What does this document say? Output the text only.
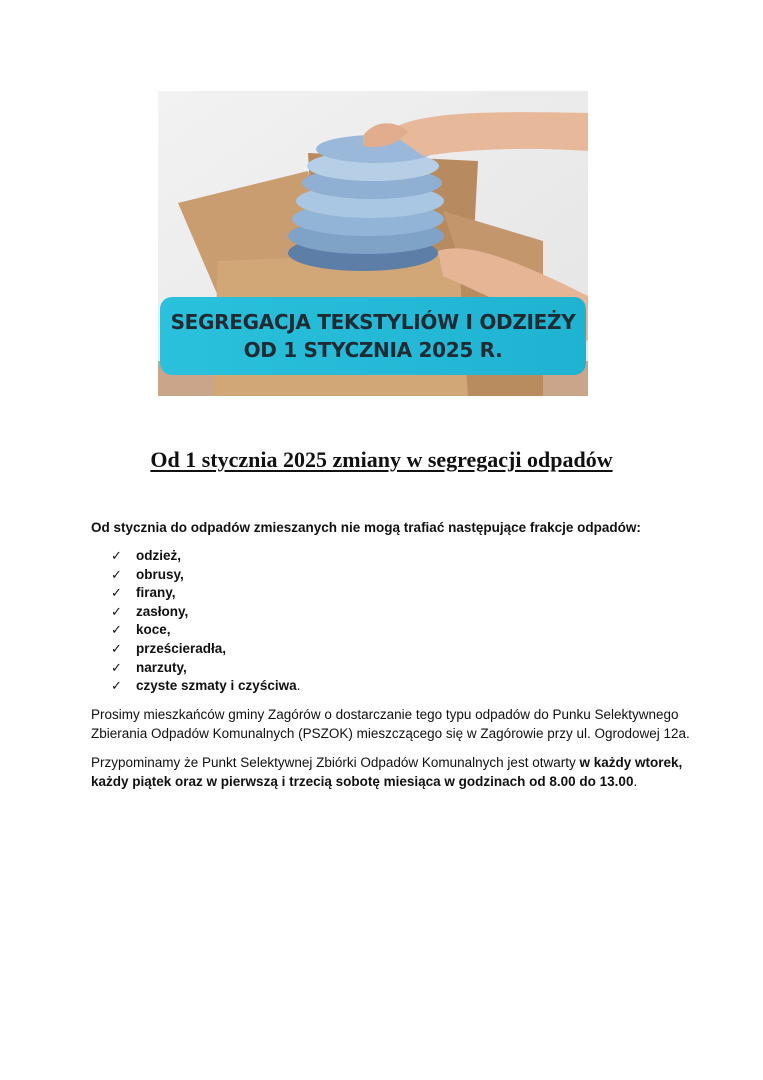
SEGREGACJA TEKSTYLIÓW I ODZIEŻY
OD 1 STYCZNIA 2025 R.
Od 1 stycznia 2025 zmiany w segregacji odpadów

Od stycznia do odpadów zmieszanych nie mogą trafiać następujące frakcje odpadów:

✓	odzież,
✓	obrusy,
✓	firany,
✓	zasłony,
✓	koce,
✓	prześcieradła,
✓	narzuty,
✓	czyste szmaty i czyściwa.

Prosimy mieszkańców gminy Zagórów o dostarczanie tego typu odpadów do Punku Selektywnego Zbierania Odpadów Komunalnych (PSZOK) mieszczącego się w Zagórowie przy ul. Ogrodowej 12a.

Przypominamy że Punkt Selektywnej Zbiórki Odpadów Komunalnych jest otwarty w każdy wtorek, każdy piątek oraz w pierwszą i trzecią sobotę miesiąca w godzinach od 8.00 do 13.00.
